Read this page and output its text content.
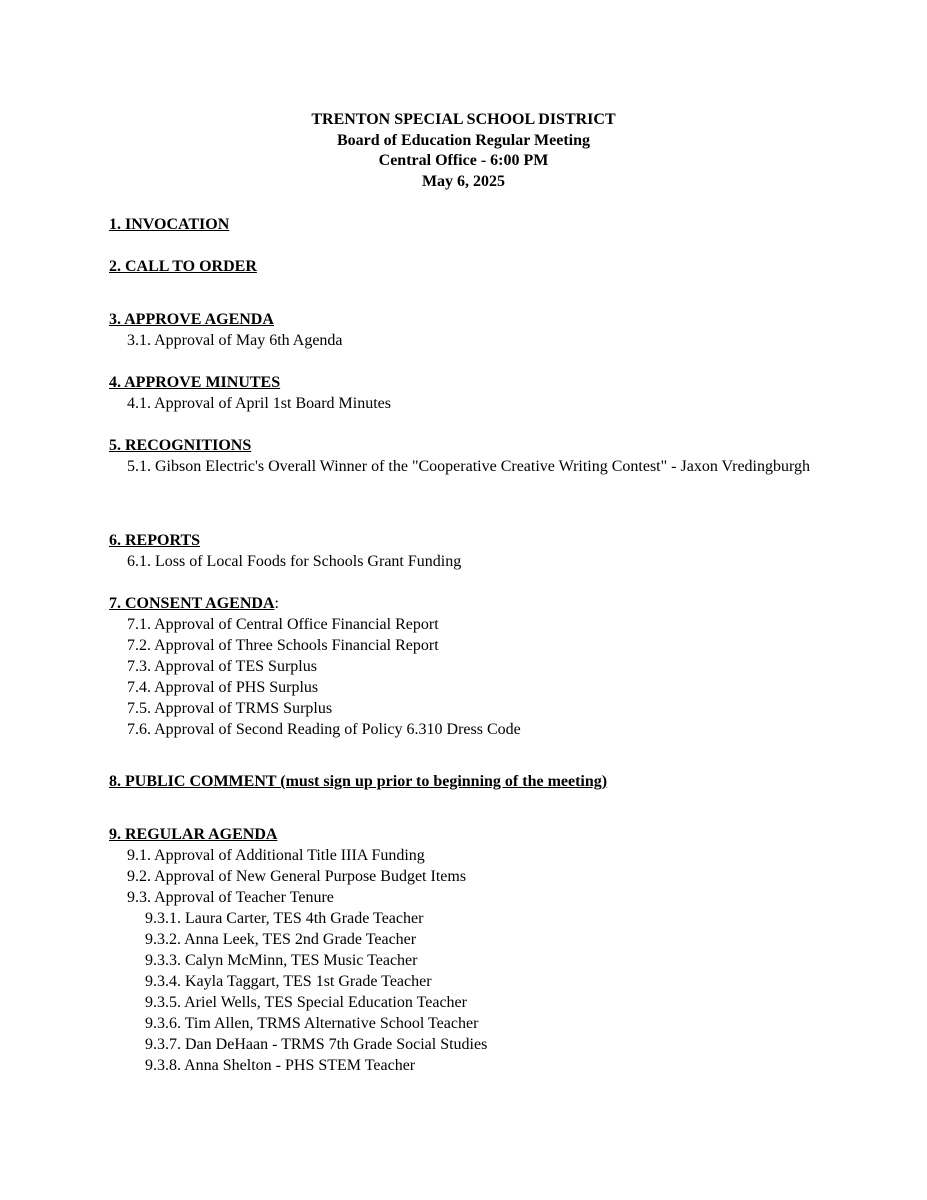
TRENTON SPECIAL SCHOOL DISTRICT
Board of Education Regular Meeting
Central Office - 6:00 PM
May 6, 2025
1. INVOCATION
2. CALL TO ORDER
3. APPROVE AGENDA
3.1. Approval of May 6th Agenda
4. APPROVE MINUTES
4.1. Approval of April 1st Board Minutes
5. RECOGNITIONS
5.1. Gibson Electric's Overall Winner of the "Cooperative Creative Writing Contest" - Jaxon Vredingburgh
6. REPORTS
6.1. Loss of Local Foods for Schools Grant Funding
7. CONSENT AGENDA:
7.1. Approval of Central Office Financial Report
7.2. Approval of Three Schools Financial Report
7.3. Approval of TES Surplus
7.4. Approval of PHS Surplus
7.5. Approval of TRMS Surplus
7.6. Approval of Second Reading of Policy 6.310 Dress Code
8. PUBLIC COMMENT (must sign up prior to beginning of the meeting)
9. REGULAR AGENDA
9.1. Approval of Additional Title IIIA Funding
9.2. Approval of New General Purpose Budget Items
9.3. Approval of Teacher Tenure
9.3.1. Laura Carter, TES 4th Grade Teacher
9.3.2. Anna Leek, TES 2nd Grade Teacher
9.3.3. Calyn McMinn, TES Music Teacher
9.3.4. Kayla Taggart, TES 1st Grade Teacher
9.3.5. Ariel Wells, TES Special Education Teacher
9.3.6. Tim Allen, TRMS Alternative School Teacher
9.3.7. Dan DeHaan - TRMS 7th Grade Social Studies
9.3.8. Anna Shelton - PHS STEM Teacher
